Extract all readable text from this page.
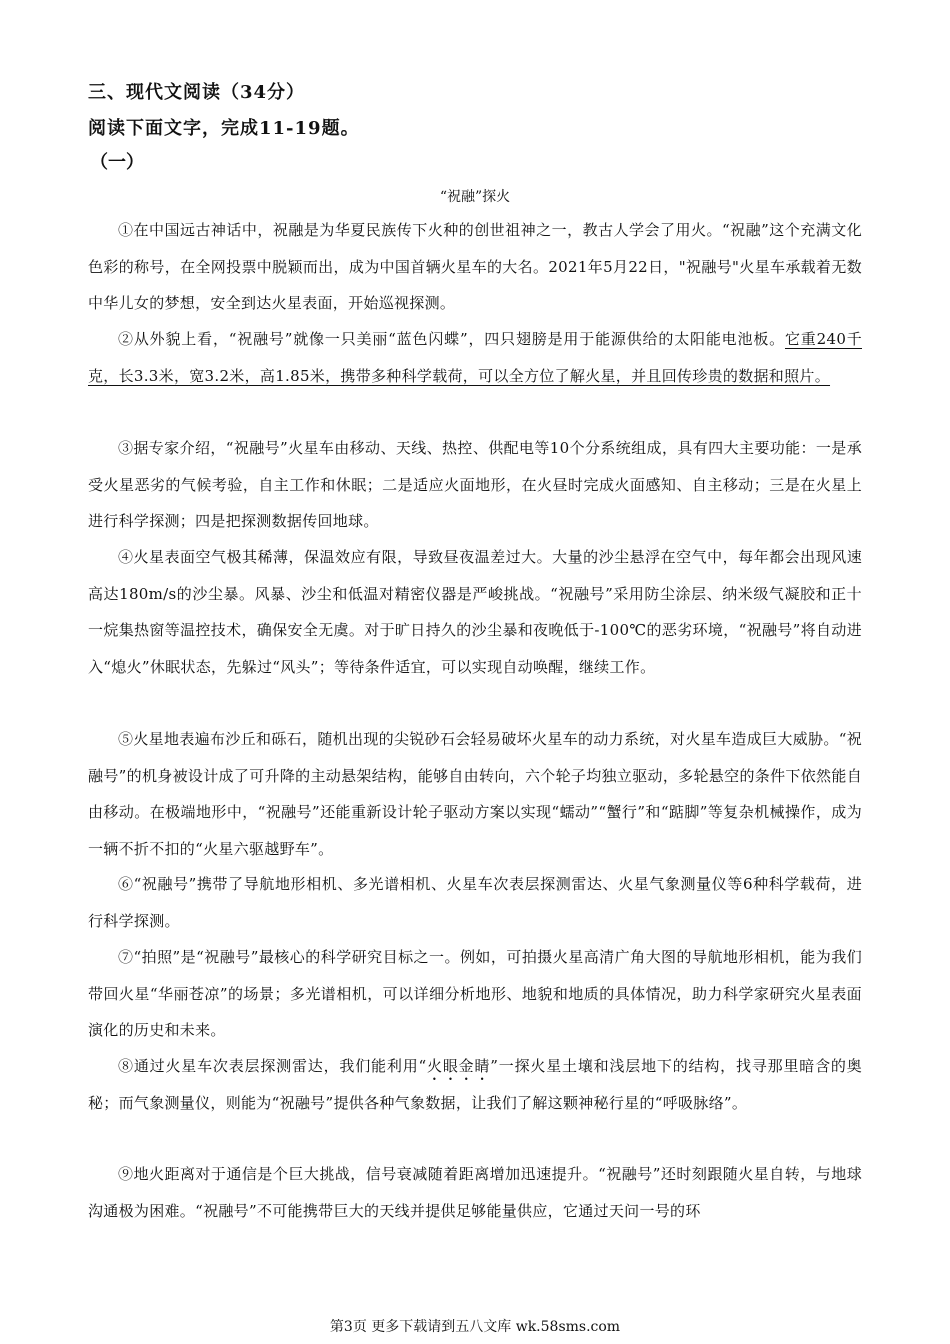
三、现代文阅读（34分）
阅读下面文字，完成11-19题。
（一）
“祝融”探火
①在中国远古神话中，祝融是为华夏民族传下火种的创世祖神之一，教古人学会了用火。“祝融”这个充满文化色彩的称号，在全网投票中脱颖而出，成为中国首辆火星车的大名。2021年5月22日，"祝融号"火星车承载着无数中华儿女的梦想，安全到达火星表面，开始巡视探测。
②从外貌上看，“祝融号”就像一只美丽“蓝色闪蝶”，四只翅膀是用于能源供给的太阳能电池板。它重240千克，长3.3米，宽3.2米，高1.85米，携带多种科学载荷，可以全方位了解火星，并且回传珍贵的数据和照片。
③据专家介绍，“祝融号”火星车由移动、天线、热控、供配电等10个分系统组成，具有四大主要功能：一是承受火星恶劣的气候考验，自主工作和休眠；二是适应火面地形，在火昼时完成火面感知、自主移动；三是在火星上进行科学探测；四是把探测数据传回地球。
④火星表面空气极其稀薄，保温效应有限，导致昼夜温差过大。大量的沙尘悬浮在空气中，每年都会出现风速高达180m/s的沙尘暴。风暴、沙尘和低温对精密仪器是严峻挑战。“祝融号”采用防尘涂层、纳米级气凝胶和正十一烷集热窗等温控技术，确保安全无虞。对于旷日持久的沙尘暴和夜晚低于-100℃的恶劣环境，“祝融号”将自动进入“熄火”休眠状态，先躲过“风头”；等待条件适宜，可以实现自动唤醒，继续工作。
⑤火星地表遍布沙丘和砾石，随机出现的尖锐砂石会轻易破坏火星车的动力系统，对火星车造成巨大威胁。“祝融号”的机身被设计成了可升降的主动悬架结构，能够自由转向，六个轮子均独立驱动，多轮悬空的条件下依然能自由移动。在极端地形中，“祝融号”还能重新设计轮子驱动方案以实现“蠕动”“蟹行”和“踮脚”等复杂机械操作，成为一辆不折不扣的“火星六驱越野车”。
⑥“祝融号”携带了导航地形相机、多光谱相机、火星车次表层探测雷达、火星气象测量仪等6种科学载荷，进行科学探测。
⑦“拍照”是“祝融号”最核心的科学研究目标之一。例如，可拍摄火星高清广角大图的导航地形相机，能为我们带回火星“华丽苍凉”的场景；多光谱相机，可以详细分析地形、地貌和地质的具体情况，助力科学家研究火星表面演化的历史和未来。
⑧通过火星车次表层探测雷达，我们能利用“火眼金睛”一探火星土壤和浅层地下的结构，找寻那里暗含的奥秘；而气象测量仪，则能为“祝融号”提供各种气象数据，让我们了解这颗神秘行星的“呼吸脉络”。
⑨地火距离对于通信是个巨大挑战，信号衰减随着距离增加迅速提升。“祝融号”还时刻跟随火星自转，与地球沟通极为困难。“祝融号”不可能携带巨大的天线并提供足够能量供应，它通过天问一号的环
第3页 更多下载请到五八文库 wk.58sms.com
